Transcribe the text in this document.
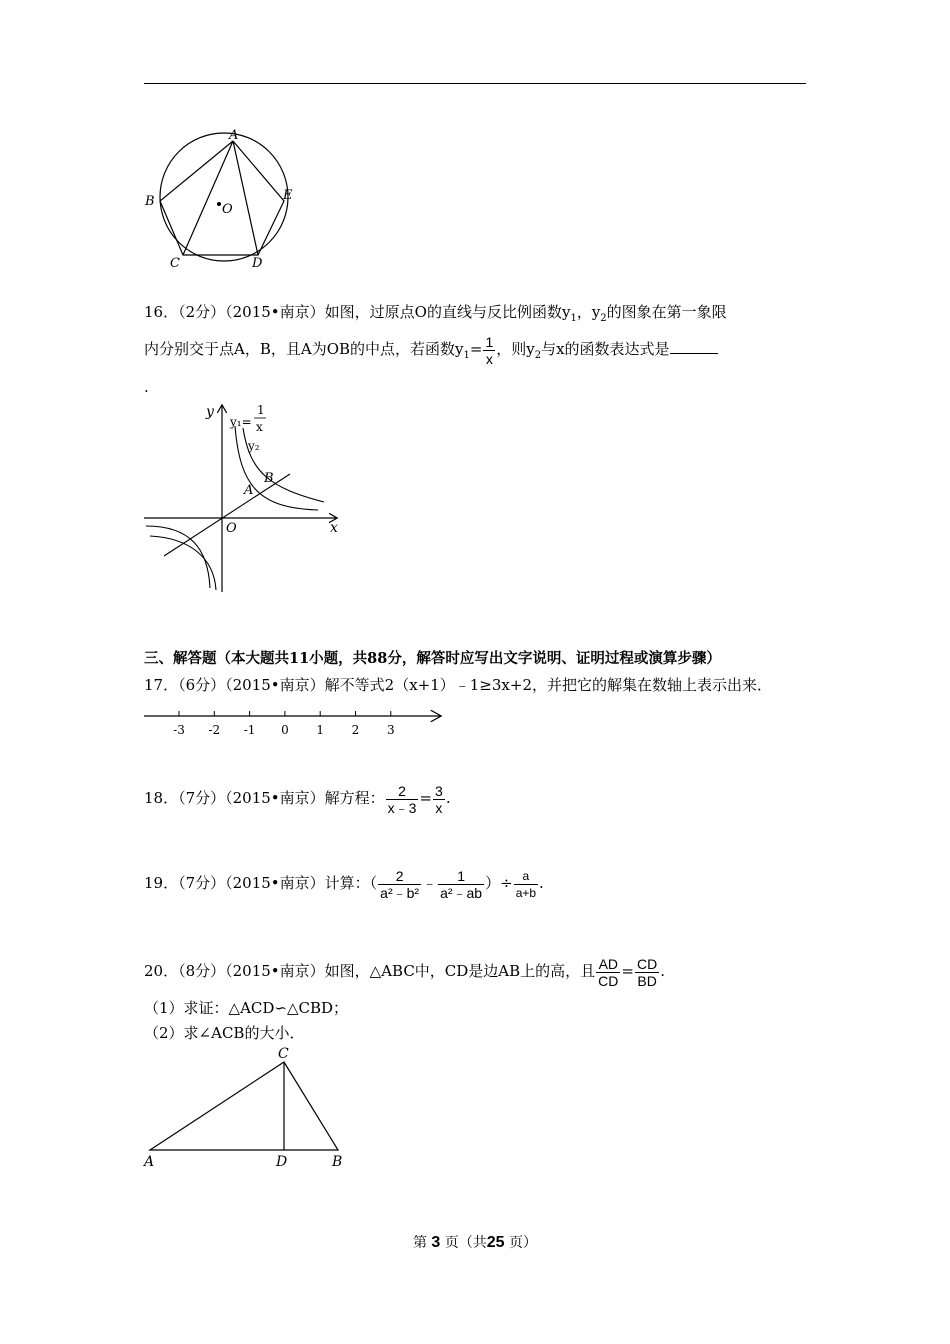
A
B
C	D
E
O
16．（2分）（2015•南京）如图，过原点O的直线与反比例函数$y_1$，$y_2$的图象在第一象限
内分别交于点A，B，且A为OB的中点，若函数$y_1= \frac{1}{x}$ ，则$y_2$与x的函数表达式是
.
y
x
O
y₁=
1
x
y₂
A
B
三、解答题（本大题共11小题，共88分，解答时应写出文字说明、证明过程或演算步骤）
17．（6分）（2015•南京）解不等式2（x+1）﹣1≥3x+2，并把它的解集在数轴上表示出来．
-3 -2 -1 0 1 2 3
18．（7分）（2015•南京）解方程： $\frac{2}{x﹣3} = \frac{3}{x}$ .
19．（7分）（2015•南京）计算：（ $\frac{2}{\text{a²﹣b²}}$ ﹣ $\frac{1}{\text{a²﹣ab}}$ ）÷ $\frac{a}{a+b}$ .
20．（8分）（2015•南京）如图，△ABC中，CD是边AB上的高，且 $\frac{AD}{CD} = \frac{CD}{BD}$ .
（1）求证：△ACD∽△CBD；
（2）求∠ACB的大小．
A	B
C
D
第 3 页（共25 页）
